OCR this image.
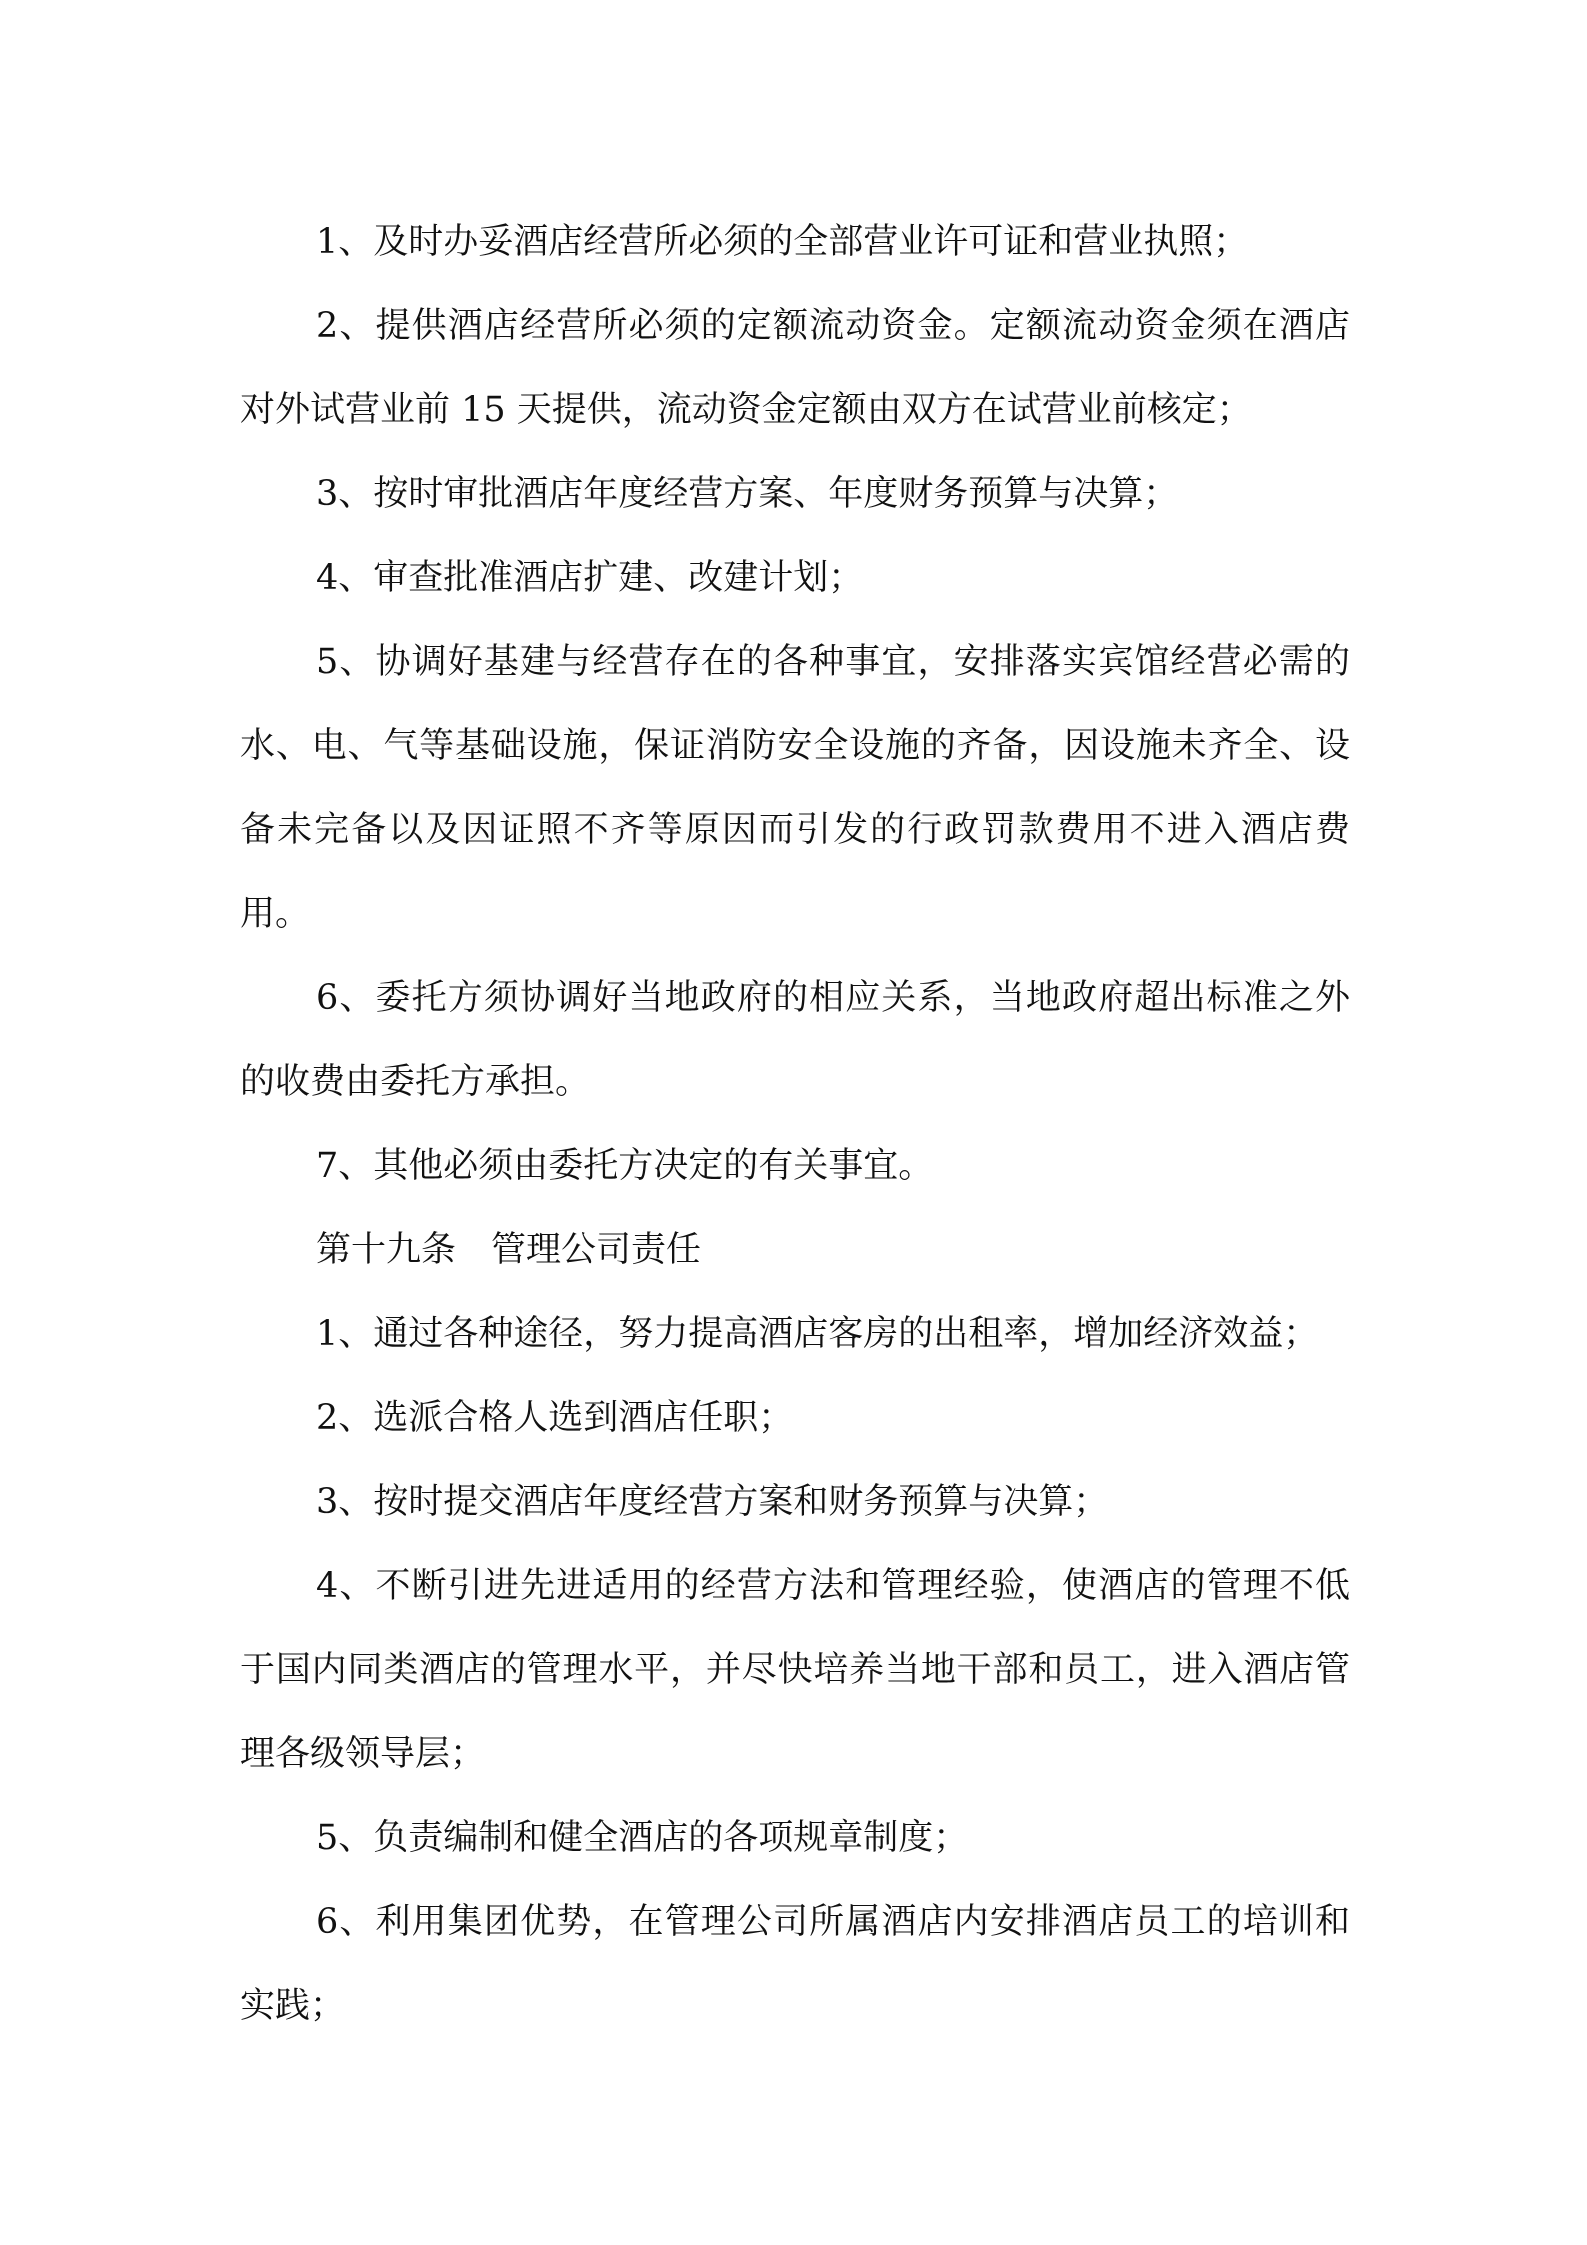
1、及时办妥酒店经营所必须的全部营业许可证和营业执照；

2、提供酒店经营所必须的定额流动资金。定额流动资金须在酒店对外试营业前 15 天提供，流动资金定额由双方在试营业前核定；

3、按时审批酒店年度经营方案、年度财务预算与决算；

4、审查批准酒店扩建、改建计划；

5、协调好基建与经营存在的各种事宜，安排落实宾馆经营必需的水、电、气等基础设施，保证消防安全设施的齐备，因设施未齐全、设备未完备以及因证照不齐等原因而引发的行政罚款费用不进入酒店费用。

6、委托方须协调好当地政府的相应关系，当地政府超出标准之外的收费由委托方承担。

7、其他必须由委托方决定的有关事宜。

第十九条　管理公司责任

1、通过各种途径，努力提高酒店客房的出租率，增加经济效益；

2、选派合格人选到酒店任职；

3、按时提交酒店年度经营方案和财务预算与决算；

4、不断引进先进适用的经营方法和管理经验，使酒店的管理不低于国内同类酒店的管理水平，并尽快培养当地干部和员工，进入酒店管理各级领导层；

5、负责编制和健全酒店的各项规章制度；

6、利用集团优势，在管理公司所属酒店内安排酒店员工的培训和实践；
